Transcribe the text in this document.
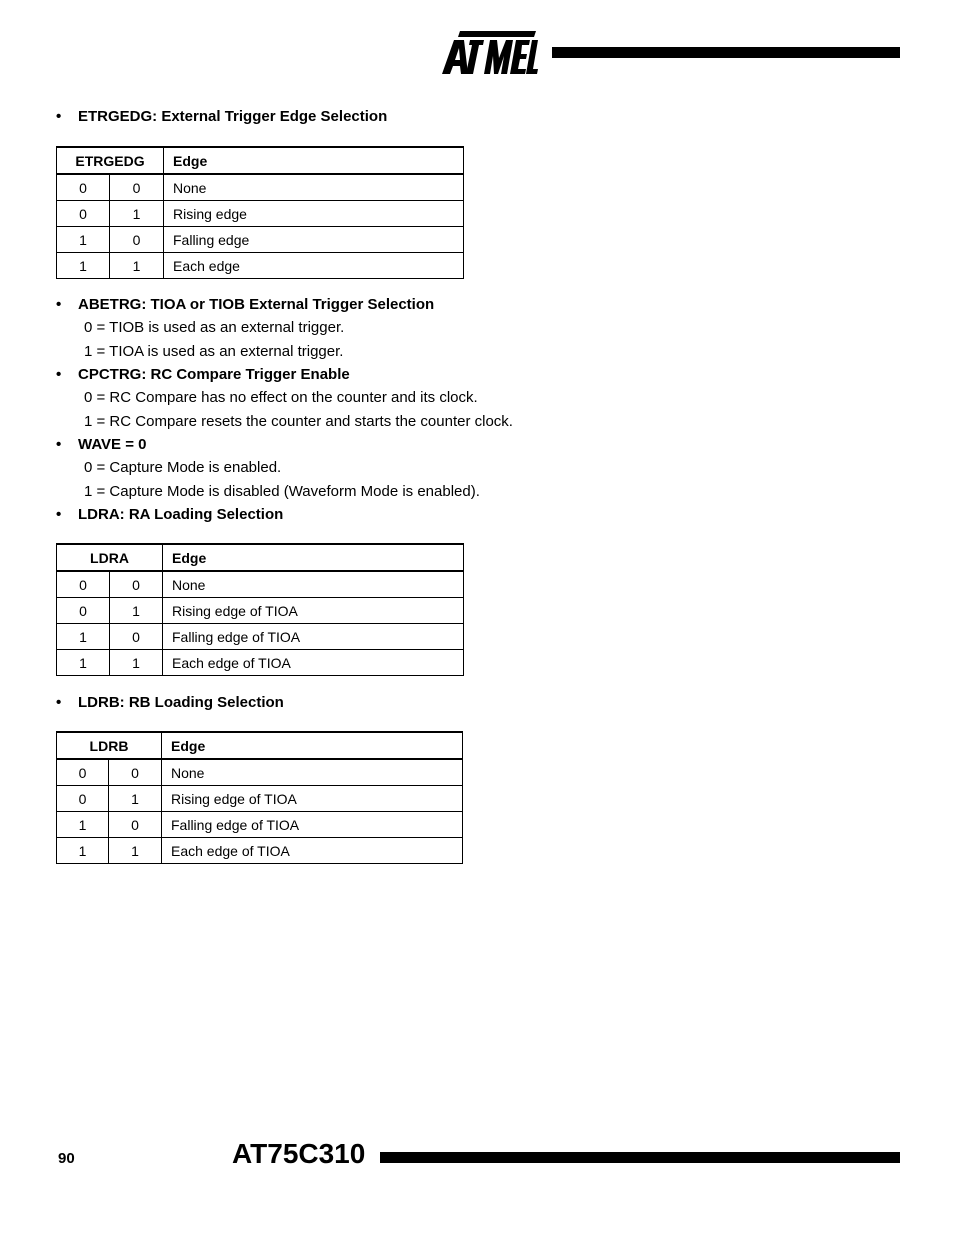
• ETRGEDG: External Trigger Edge Selection
ETRGEDG		Edge
0	0	None
0	1	Rising edge
1	0	Falling edge
1	1	Each edge
• ABETRG: TIOA or TIOB External Trigger Selection
0 = TIOB is used as an external trigger.
1 = TIOA is used as an external trigger.
• CPCTRG: RC Compare Trigger Enable
0 = RC Compare has no effect on the counter and its clock.
1 = RC Compare resets the counter and starts the counter clock.
• WAVE = 0
0 = Capture Mode is enabled.
1 = Capture Mode is disabled (Waveform Mode is enabled).
• LDRA: RA Loading Selection
LDRA		Edge
0	0	None
0	1	Rising edge of TIOA
1	0	Falling edge of TIOA
1	1	Each edge of TIOA
• LDRB: RB Loading Selection
LDRB		Edge
0	0	None
0	1	Rising edge of TIOA
1	0	Falling edge of TIOA
1	1	Each edge of TIOA
90	AT75C310
